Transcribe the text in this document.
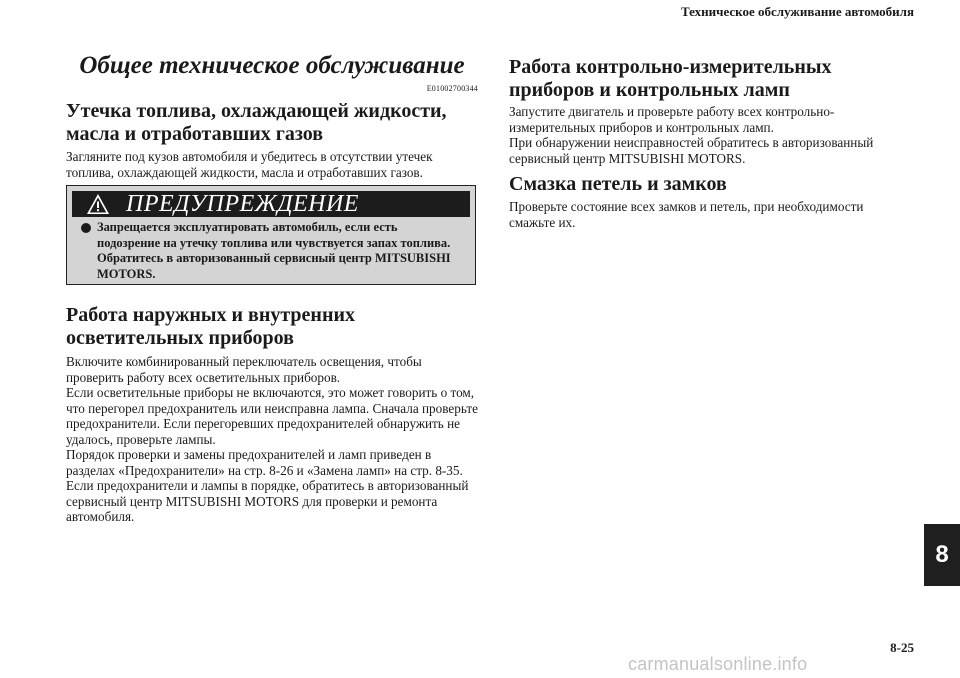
Техническое обслуживание автомобиля
Общее техническое обслуживание
E01002700344
Утечка топлива, охлаждающей жидкости, масла и отработавших газов

Загляните под кузов автомобиля и убедитесь в отсутствии утечек топлива, охлаждающей жидкости, масла и отработавших газов.

ПРЕДУПРЕЖДЕНИЕ
Запрещается эксплуатировать автомобиль, если есть подозрение на утечку топлива или чувствуется запах топлива. Обратитесь в авторизованный сервисный центр MITSUBISHI MOTORS.
Работа наружных и внутренних осветительных приборов

Включите комбинированный переключатель освещения, чтобы проверить работу всех осветительных приборов.
Если осветительные приборы не включаются, это может говорить о том, что перегорел предохранитель или неисправна лампа. Сначала проверьте предохранители. Если перегоревших предохранителей обнаружить не удалось, проверьте лампы.
Порядок проверки и замены предохранителей и ламп приведен в разделах «Предохранители» на стр. 8-26 и «Замена ламп» на стр. 8-35.
Если предохранители и лампы в порядке, обратитесь в авторизованный сервисный центр MITSUBISHI MOTORS для проверки и ремонта автомобиля.

Работа контрольно-измерительных приборов и контрольных ламп

Запустите двигатель и проверьте работу всех контрольно-измерительных приборов и контрольных ламп.
При обнаружении неисправностей обратитесь в авторизованный сервисный центр MITSUBISHI MOTORS.

Смазка петель и замков

Проверьте состояние всех замков и петель, при необходимости смажьте их.

8
8-25
carmanualsonline.info
